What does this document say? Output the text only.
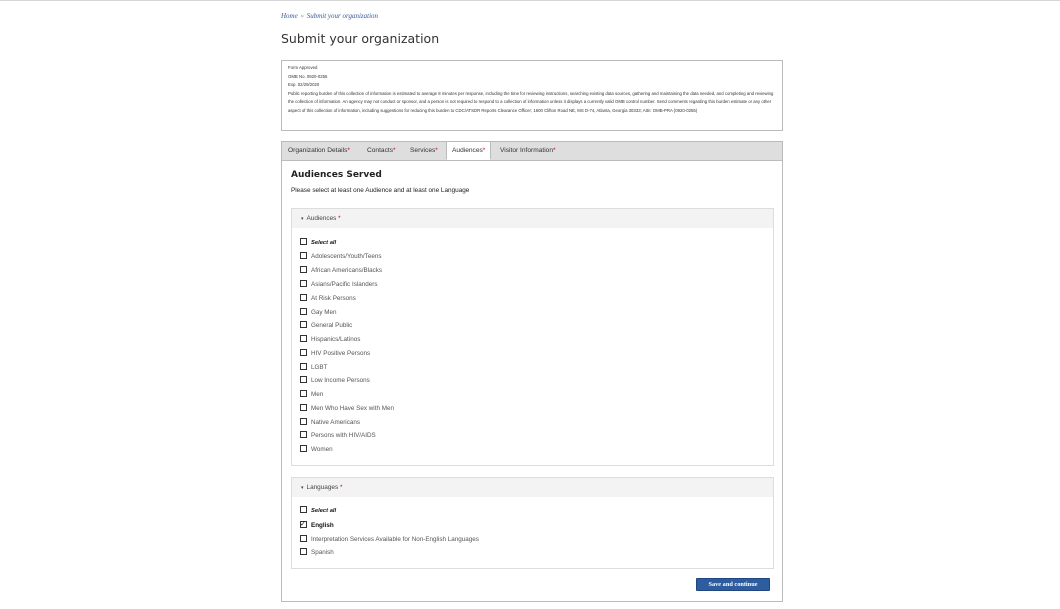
Home » Submit your organization
Submit your organization
Form Approved
OMB No. 0920-0255
Exp. 02/29/2020
Public reporting burden of this collection of information is estimated to average 8 minutes per response, including the time for reviewing instructions, searching existing data sources, gathering and maintaining the data needed, and completing and reviewing the collection of information. An agency may not conduct or sponsor, and a person is not required to respond to a collection of information unless it displays a currently valid OMB control number. Send comments regarding this burden estimate or any other aspect of this collection of information, including suggestions for reducing this burden to CDC/ATSDR Reports Clearance Officer; 1600 Clifton Road NE, MS D-74, Atlanta, Georgia 30333; Attn: OMB-PRA (0920-0255)
Organization Details*	Contacts* Services*	Audiences*	Visitor Information*
Audiences Served
Please select at least one Audience and at least one Language
▾ Audiences *
Select all
Adolescents/Youth/Teens
African Americans/Blacks
Asians/Pacific Islanders
At Risk Persons
Gay Men
General Public
Hispanics/Latinos
HIV Positive Persons
LGBT
Low Income Persons
Men
Men Who Have Sex with Men
Native Americans
Persons with HIV/AIDS
Women
▾ Languages *
Select all
✓English
Interpretation Services Available for Non-English Languages
Spanish
Save and continue
